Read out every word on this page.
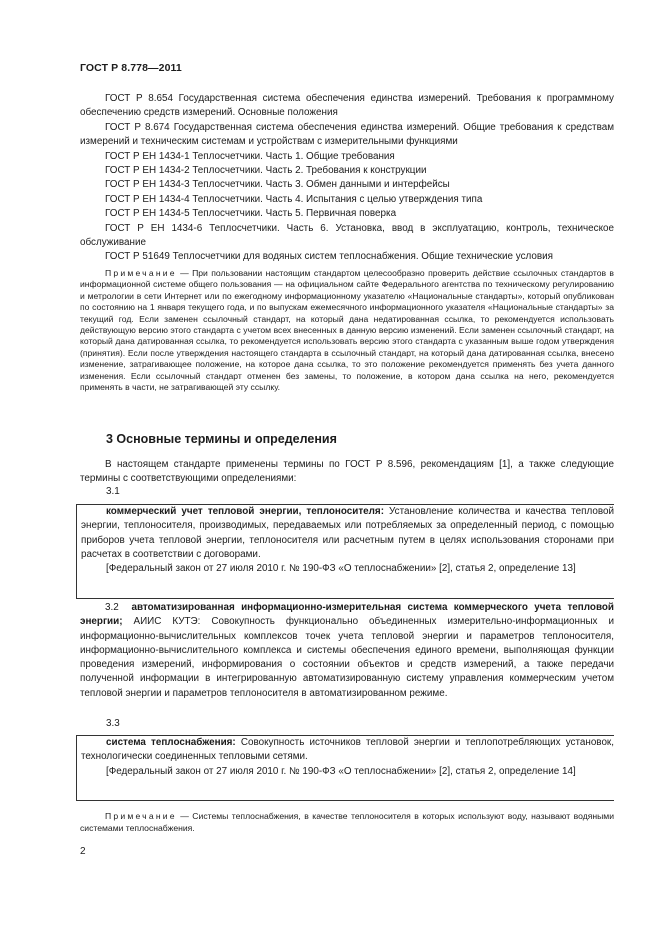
ГОСТ Р 8.778—2011

ГОСТ Р 8.654 Государственная система обеспечения единства измерений. Требования к программному обеспечению средств измерений. Основные положения

ГОСТ Р 8.674 Государственная система обеспечения единства измерений. Общие требования к средствам измерений и техническим системам и устройствам с измерительными функциями

ГОСТ Р ЕН 1434-1 Теплосчетчики. Часть 1. Общие требования

ГОСТ Р ЕН 1434-2 Теплосчетчики. Часть 2. Требования к конструкции

ГОСТ Р ЕН 1434-3 Теплосчетчики. Часть 3. Обмен данными и интерфейсы

ГОСТ Р ЕН 1434-4 Теплосчетчики. Часть 4. Испытания с целью утверждения типа

ГОСТ Р ЕН 1434-5 Теплосчетчики. Часть 5. Первичная поверка

ГОСТ Р ЕН 1434-6 Теплосчетчики. Часть 6. Установка, ввод в эксплуатацию, контроль, техническое обслуживание

ГОСТ Р 51649 Теплосчетчики для водяных систем теплоснабжения. Общие технические условия

Примечание — При пользовании настоящим стандартом целесообразно проверить действие ссылочных стандартов в информационной системе общего пользования — на официальном сайте Федерального агентства по техническому регулированию и метрологии в сети Интернет или по ежегодному информационному указателю «Национальные стандарты», который опубликован по состоянию на 1 января текущего года, и по выпускам ежемесячного информационного указателя «Национальные стандарты» за текущий год. Если заменен ссылочный стандарт, на который дана недатированная ссылка, то рекомендуется использовать действующую версию этого стандарта с учетом всех внесенных в данную версию изменений. Если заменен ссылочный стандарт, на который дана датированная ссылка, то рекомендуется использовать версию этого стандарта с указанным выше годом утверждения (принятия). Если после утверждения настоящего стандарта в ссылочный стандарт, на который дана датированная ссылка, внесено изменение, затрагивающее положение, на которое дана ссылка, то это положение рекомендуется применять без учета данного изменения. Если ссылочный стандарт отменен без замены, то положение, в котором дана ссылка на него, рекомендуется применять в части, не затрагивающей эту ссылку.
3 Основные термины и определения
В настоящем стандарте применены термины по ГОСТ Р 8.596, рекомендациям [1], а также следующие термины с соответствующими определениями:
3.1

коммерческий учет тепловой энергии, теплоносителя: Установление количества и качества тепловой энергии, теплоносителя, производимых, передаваемых или потребляемых за определенный период, с помощью приборов учета тепловой энергии, теплоносителя или расчетным путем в целях использования сторонами при расчетах в соответствии с договорами.

[Федеральный закон от 27 июля 2010 г. № 190-ФЗ «О теплоснабжении» [2], статья 2, определение 13]

3.2 автоматизированная информационно-измерительная система коммерческого учета тепловой энергии; АИИС КУТЭ: Совокупность функционально объединенных измерительно-информационных и информационно-вычислительных комплексов точек учета тепловой энергии и параметров теплоносителя, информационно-вычислительного комплекса и системы обеспечения единого времени, выполняющая функции проведения измерений, информирования о состоянии объектов и средств измерений, а также передачи полученной информации в интегрированную автоматизированную систему управления коммерческим учетом тепловой энергии и параметров теплоносителя в автоматизированном режиме.
3.3

система теплоснабжения: Совокупность источников тепловой энергии и теплопотребляющих установок, технологически соединенных тепловыми сетями.

[Федеральный закон от 27 июля 2010 г. № 190-ФЗ «О теплоснабжении» [2], статья 2, определение 14]

Примечание — Системы теплоснабжения, в качестве теплоносителя в которых используют воду, называют водяными системами теплоснабжения.
2
